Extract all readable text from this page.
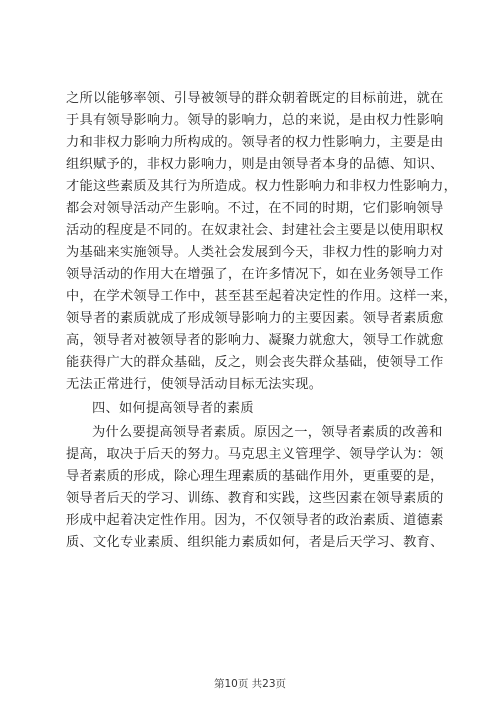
之所以能够率领、引导被领导的群众朝着既定的目标前进，就在
于具有领导影响力。领导的影响力，总的来说，是由权力性影响
力和非权力影响力所构成的。领导者的权力性影响力，主要是由
组织赋予的，非权力影响力，则是由领导者本身的品德、知识、
才能这些素质及其行为所造成。权力性影响力和非权力性影响力，
都会对领导活动产生影响。不过，在不同的时期，它们影响领导
活动的程度是不同的。在奴隶社会、封建社会主要是以使用职权
为基础来实施领导。人类社会发展到今天，非权力性的影响力对
领导活动的作用大在增强了，在许多情况下，如在业务领导工作
中，在学术领导工作中，甚至甚至起着决定性的作用。这样一来，
领导者的素质就成了形成领导影响力的主要因素。领导者素质愈
高，领导者对被领导者的影响力、凝聚力就愈大，领导工作就愈
能获得广大的群众基础，反之，则会丧失群众基础，使领导工作
无法正常进行，使领导活动目标无法实现。
四、如何提高领导者的素质
为什么要提高领导者素质。原因之一，领导者素质的改善和
提高，取决于后天的努力。马克思主义管理学、领导学认为：领
导者素质的形成，除心理生理素质的基础作用外，更重要的是，
领导者后天的学习、训练、教育和实践，这些因素在领导素质的
形成中起着决定性作用。因为，不仅领导者的政治素质、道德素
质、文化专业素质、组织能力素质如何，者是后天学习、教育、
第10页 共23页
